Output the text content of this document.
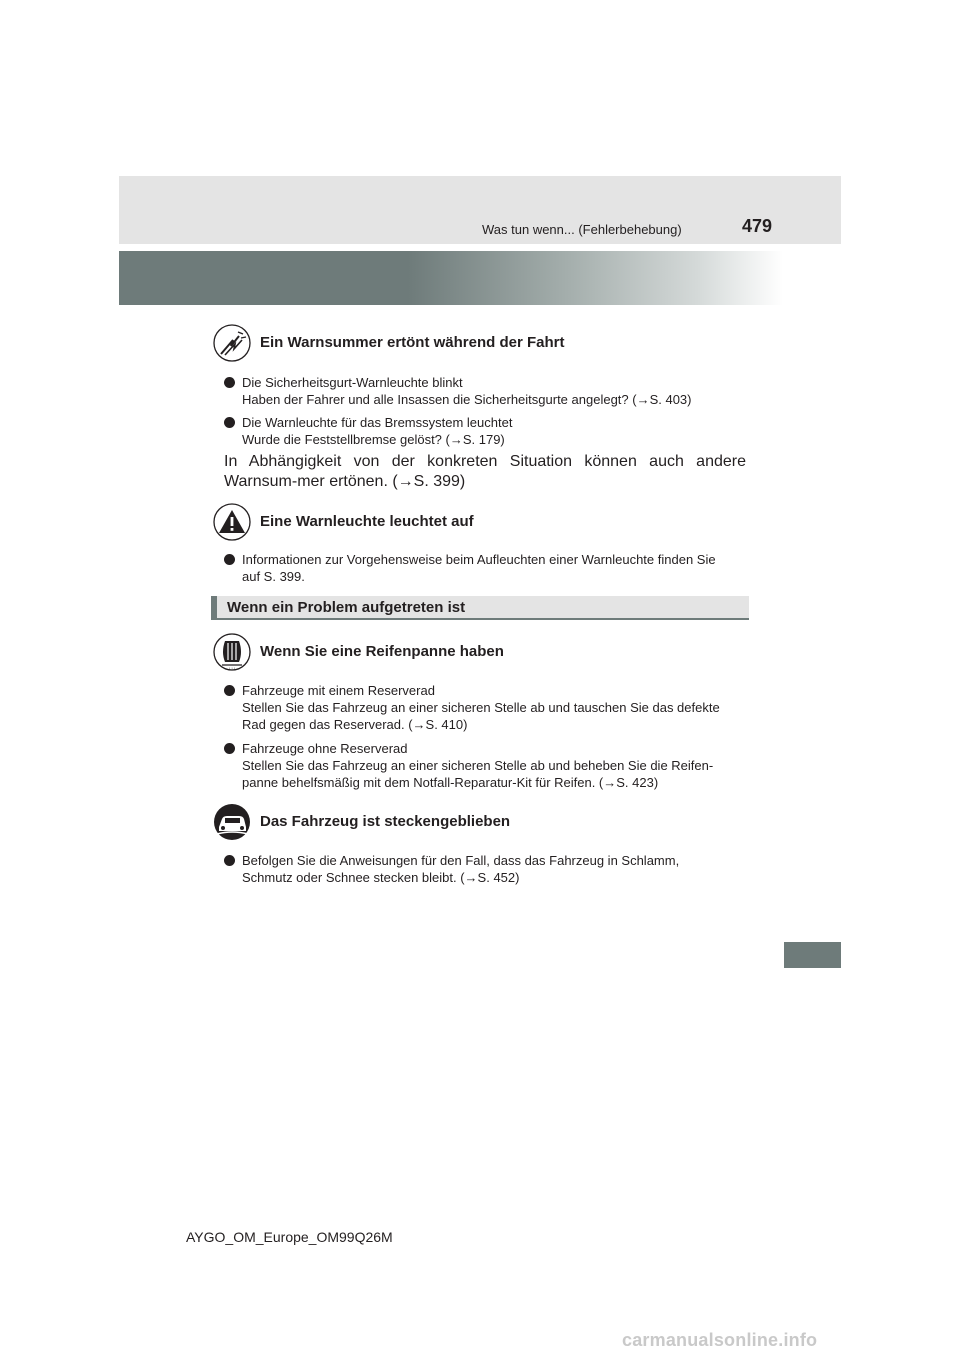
Was tun wenn... (Fehlerbehebung)	479
Ein Warnsummer ertönt während der Fahrt
Die Sicherheitsgurt-Warnleuchte blinkt
Haben der Fahrer und alle Insassen die Sicherheitsgurte angelegt? (→S. 403)
Die Warnleuchte für das Bremssystem leuchtet
Wurde die Feststellbremse gelöst? (→S. 179)
In Abhängigkeit von der konkreten Situation können auch andere Warnsum-mer ertönen. (→S. 399)
Eine Warnleuchte leuchtet auf
Informationen zur Vorgehensweise beim Aufleuchten einer Warnleuchte finden Sie
auf S. 399.
Wenn ein Problem aufgetreten ist
! ! !
Wenn Sie eine Reifenpanne haben
Fahrzeuge mit einem Reserverad
Stellen Sie das Fahrzeug an einer sicheren Stelle ab und tauschen Sie das defekte
Rad gegen das Reserverad. (→S. 410)
Fahrzeuge ohne Reserverad
Stellen Sie das Fahrzeug an einer sicheren Stelle ab und beheben Sie die Reifen-
panne behelfsmäßig mit dem Notfall-Reparatur-Kit für Reifen. (→S. 423)
Das Fahrzeug ist steckengeblieben
Befolgen Sie die Anweisungen für den Fall, dass das Fahrzeug in Schlamm,
Schmutz oder Schnee stecken bleibt. (→S. 452)
AYGO_OM_Europe_OM99Q26M
carmanualsonline.info
